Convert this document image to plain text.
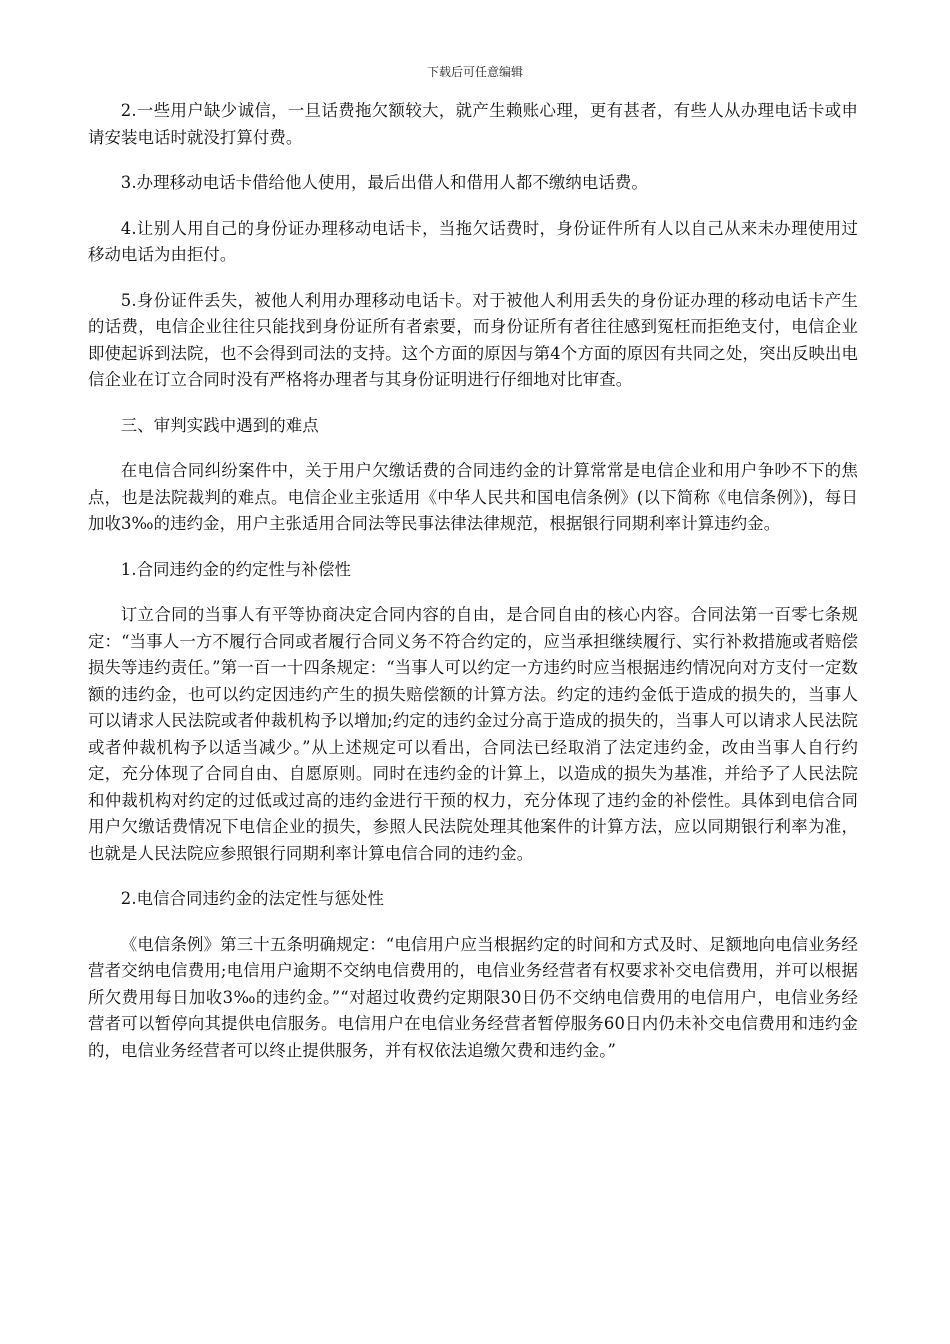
下载后可任意编辑

2.一些用户缺少诚信，一旦话费拖欠额较大，就产生赖账心理，更有甚者，有些人从办理电话卡或申请安装电话时就没打算付费。

3.办理移动电话卡借给他人使用，最后出借人和借用人都不缴纳电话费。

4.让别人用自己的身份证办理移动电话卡，当拖欠话费时，身份证件所有人以自己从来未办理使用过移动电话为由拒付。

5.身份证件丢失，被他人利用办理移动电话卡。对于被他人利用丢失的身份证办理的移动电话卡产生的话费，电信企业往往只能找到身份证所有者索要，而身份证所有者往往感到冤枉而拒绝支付，电信企业即使起诉到法院，也不会得到司法的支持。这个方面的原因与第4个方面的原因有共同之处，突出反映出电信企业在订立合同时没有严格将办理者与其身份证明进行仔细地对比审查。

三、审判实践中遇到的难点

在电信合同纠纷案件中，关于用户欠缴话费的合同违约金的计算常常是电信企业和用户争吵不下的焦点，也是法院裁判的难点。电信企业主张适用《中华人民共和国电信条例》(以下简称《电信条例》)，每日加收3‰的违约金，用户主张适用合同法等民事法律法律规范，根据银行同期利率计算违约金。

1.合同违约金的约定性与补偿性

订立合同的当事人有平等协商决定合同内容的自由，是合同自由的核心内容。合同法第一百零七条规定：“当事人一方不履行合同或者履行合同义务不符合约定的，应当承担继续履行、实行补救措施或者赔偿损失等违约责任。”第一百一十四条规定：“当事人可以约定一方违约时应当根据违约情况向对方支付一定数额的违约金，也可以约定因违约产生的损失赔偿额的计算方法。约定的违约金低于造成的损失的，当事人可以请求人民法院或者仲裁机构予以增加;约定的违约金过分高于造成的损失的，当事人可以请求人民法院或者仲裁机构予以适当减少。”从上述规定可以看出，合同法已经取消了法定违约金，改由当事人自行约定，充分体现了合同自由、自愿原则。同时在违约金的计算上，以造成的损失为基准，并给予了人民法院和仲裁机构对约定的过低或过高的违约金进行干预的权力，充分体现了违约金的补偿性。具体到电信合同用户欠缴话费情况下电信企业的损失，参照人民法院处理其他案件的计算方法，应以同期银行利率为准，也就是人民法院应参照银行同期利率计算电信合同的违约金。

2.电信合同违约金的法定性与惩处性

《电信条例》第三十五条明确规定：“电信用户应当根据约定的时间和方式及时、足额地向电信业务经营者交纳电信费用;电信用户逾期不交纳电信费用的，电信业务经营者有权要求补交电信费用，并可以根据所欠费用每日加收3‰的违约金。”“对超过收费约定期限30日仍不交纳电信费用的电信用户，电信业务经营者可以暂停向其提供电信服务。电信用户在电信业务经营者暂停服务60日内仍未补交电信费用和违约金的，电信业务经营者可以终止提供服务，并有权依法追缴欠费和违约金。”
